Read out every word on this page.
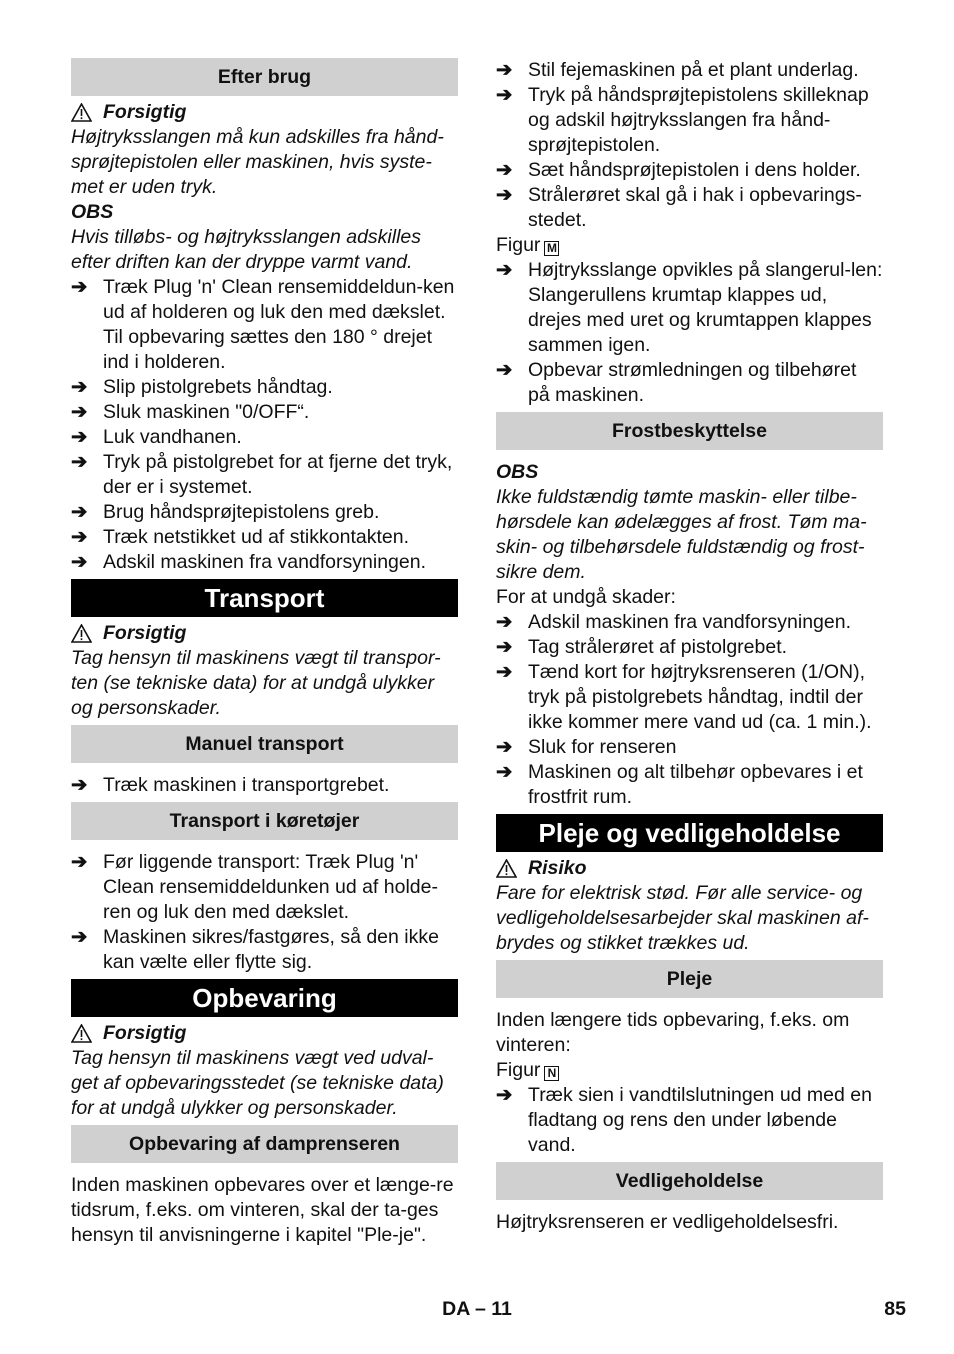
Efter brug
Forsigtig

Højtryksslangen må kun adskilles fra hånd-sprøjtepistolen eller maskinen, hvis syste-met er uden tryk.

OBS

Hvis tilløbs- og højtryksslangen adskilles efter driften kan der dryppe varmt vand.

➔ Træk Plug 'n' Clean rensemiddeldun-ken ud af holderen og luk den med dækslet. Til opbevaring sættes den 180 ° drejet ind i holderen.
➔ Slip pistolgrebets håndtag.
➔ Sluk maskinen "0/OFF“.
➔ Luk vandhanen.
➔ Tryk på pistolgrebet for at fjerne det tryk, der er i systemet.
➔ Brug håndsprøjtepistolens greb.
➔ Træk netstikket ud af stikkontakten.
➔ Adskil maskinen fra vandforsyningen.
Transport
Forsigtig

Tag hensyn til maskinens vægt til transpor-ten (se tekniske data) for at undgå ulykker og personskader.

Manuel transport
➔ Træk maskinen i transportgrebet.
Transport i køretøjer
➔ Før liggende transport: Træk Plug 'n' Clean rensemiddeldunken ud af holde-ren og luk den med dækslet.
➔ Maskinen sikres/fastgøres, så den ikke kan vælte eller flytte sig.
Opbevaring
Forsigtig

Tag hensyn til maskinens vægt ved udval-get af opbevaringsstedet (se tekniske data) for at undgå ulykker og personskader.

Opbevaring af damprenseren

Inden maskinen opbevares over et længe-re tidsrum, f.eks. om vinteren, skal der ta-ges hensyn til anvisningerne i kapitel "Ple-je".

➔ Stil fejemaskinen på et plant underlag.
➔ Tryk på håndsprøjtepistolens skilleknap og adskil højtryksslangen fra hånd-sprøjtepistolen.
➔ Sæt håndsprøjtepistolen i dens holder.
➔ Strålerøret skal gå i hak i opbevarings-stedet.

Figur M

➔ Højtryksslange opvikles på slangerul-len: Slangerullens krumtap klappes ud, drejes med uret og krumtappen klappes sammen igen.
➔ Opbevar strømledningen og tilbehøret på maskinen.
Frostbeskyttelse

OBS

Ikke fuldstændig tømte maskin- eller tilbe-hørsdele kan ødelægges af frost. Tøm ma-skin- og tilbehørsdele fuldstændig og frost-sikre dem.

For at undgå skader:

➔ Adskil maskinen fra vandforsyningen.
➔ Tag strålerøret af pistolgrebet.
➔ Tænd kort for højtryksrenseren (1/ON), tryk på pistolgrebets håndtag, indtil der ikke kommer mere vand ud (ca. 1 min.).
➔ Sluk for renseren
➔ Maskinen og alt tilbehør opbevares i et frostfrit rum.
Pleje og vedligeholdelse
Risiko

Fare for elektrisk stød. Før alle service- og vedligeholdelsesarbejder skal maskinen af-brydes og stikket trækkes ud.

Pleje

Inden længere tids opbevaring, f.eks. om vinteren:

Figur N

➔ Træk sien i vandtilslutningen ud med en fladtang og rens den under løbende vand.
Vedligeholdelse

Højtryksrenseren er vedligeholdelsesfri.

DA – 11	85
